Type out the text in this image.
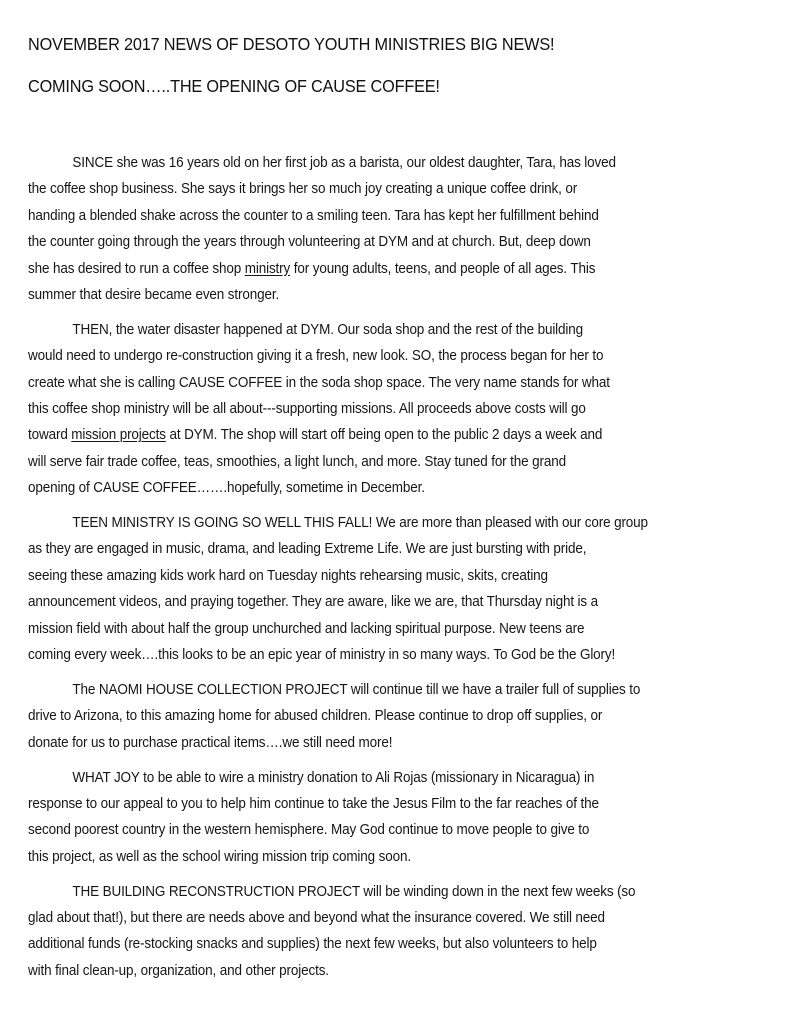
NOVEMBER 2017 NEWS OF DESOTO YOUTH MINISTRIES BIG NEWS!
COMING SOON…..THE OPENING OF CAUSE COFFEE!
SINCE she was 16 years old on her first job as a barista, our oldest daughter, Tara, has loved
the coffee shop business. She says it brings her so much joy creating a unique coffee drink, or
handing a blended shake across the counter to a smiling teen. Tara has kept her fulfillment behind
the counter going through the years through volunteering at DYM and at church. But, deep down
she has desired to run a coffee shop ministry for young adults, teens, and people of all ages. This
summer that desire became even stronger.
THEN, the water disaster happened at DYM. Our soda shop and the rest of the building
would need to undergo re-construction giving it a fresh, new look. SO, the process began for her to
create what she is calling CAUSE COFFEE in the soda shop space. The very name stands for what
this coffee shop ministry will be all about---supporting missions. All proceeds above costs will go
toward mission projects at DYM. The shop will start off being open to the public 2 days a week and
will serve fair trade coffee, teas, smoothies, a light lunch, and more. Stay tuned for the grand
opening of CAUSE COFFEE…….hopefully, sometime in December.
TEEN MINISTRY IS GOING SO WELL THIS FALL! We are more than pleased with our core group
as they are engaged in music, drama, and leading Extreme Life. We are just bursting with pride,
seeing these amazing kids work hard on Tuesday nights rehearsing music, skits, creating
announcement videos, and praying together. They are aware, like we are, that Thursday night is a
mission field with about half the group unchurched and lacking spiritual purpose. New teens are
coming every week….this looks to be an epic year of ministry in so many ways. To God be the Glory!
The NAOMI HOUSE COLLECTION PROJECT will continue till we have a trailer full of supplies to
drive to Arizona, to this amazing home for abused children. Please continue to drop off supplies, or
donate for us to purchase practical items….we still need more!
WHAT JOY to be able to wire a ministry donation to Ali Rojas (missionary in Nicaragua) in
response to our appeal to you to help him continue to take the Jesus Film to the far reaches of the
second poorest country in the western hemisphere. May God continue to move people to give to
this project, as well as the school wiring mission trip coming soon.
THE BUILDING RECONSTRUCTION PROJECT will be winding down in the next few weeks (so
glad about that!), but there are needs above and beyond what the insurance covered. We still need
additional funds (re-stocking snacks and supplies) the next few weeks, but also volunteers to help
with final clean-up, organization, and other projects.
